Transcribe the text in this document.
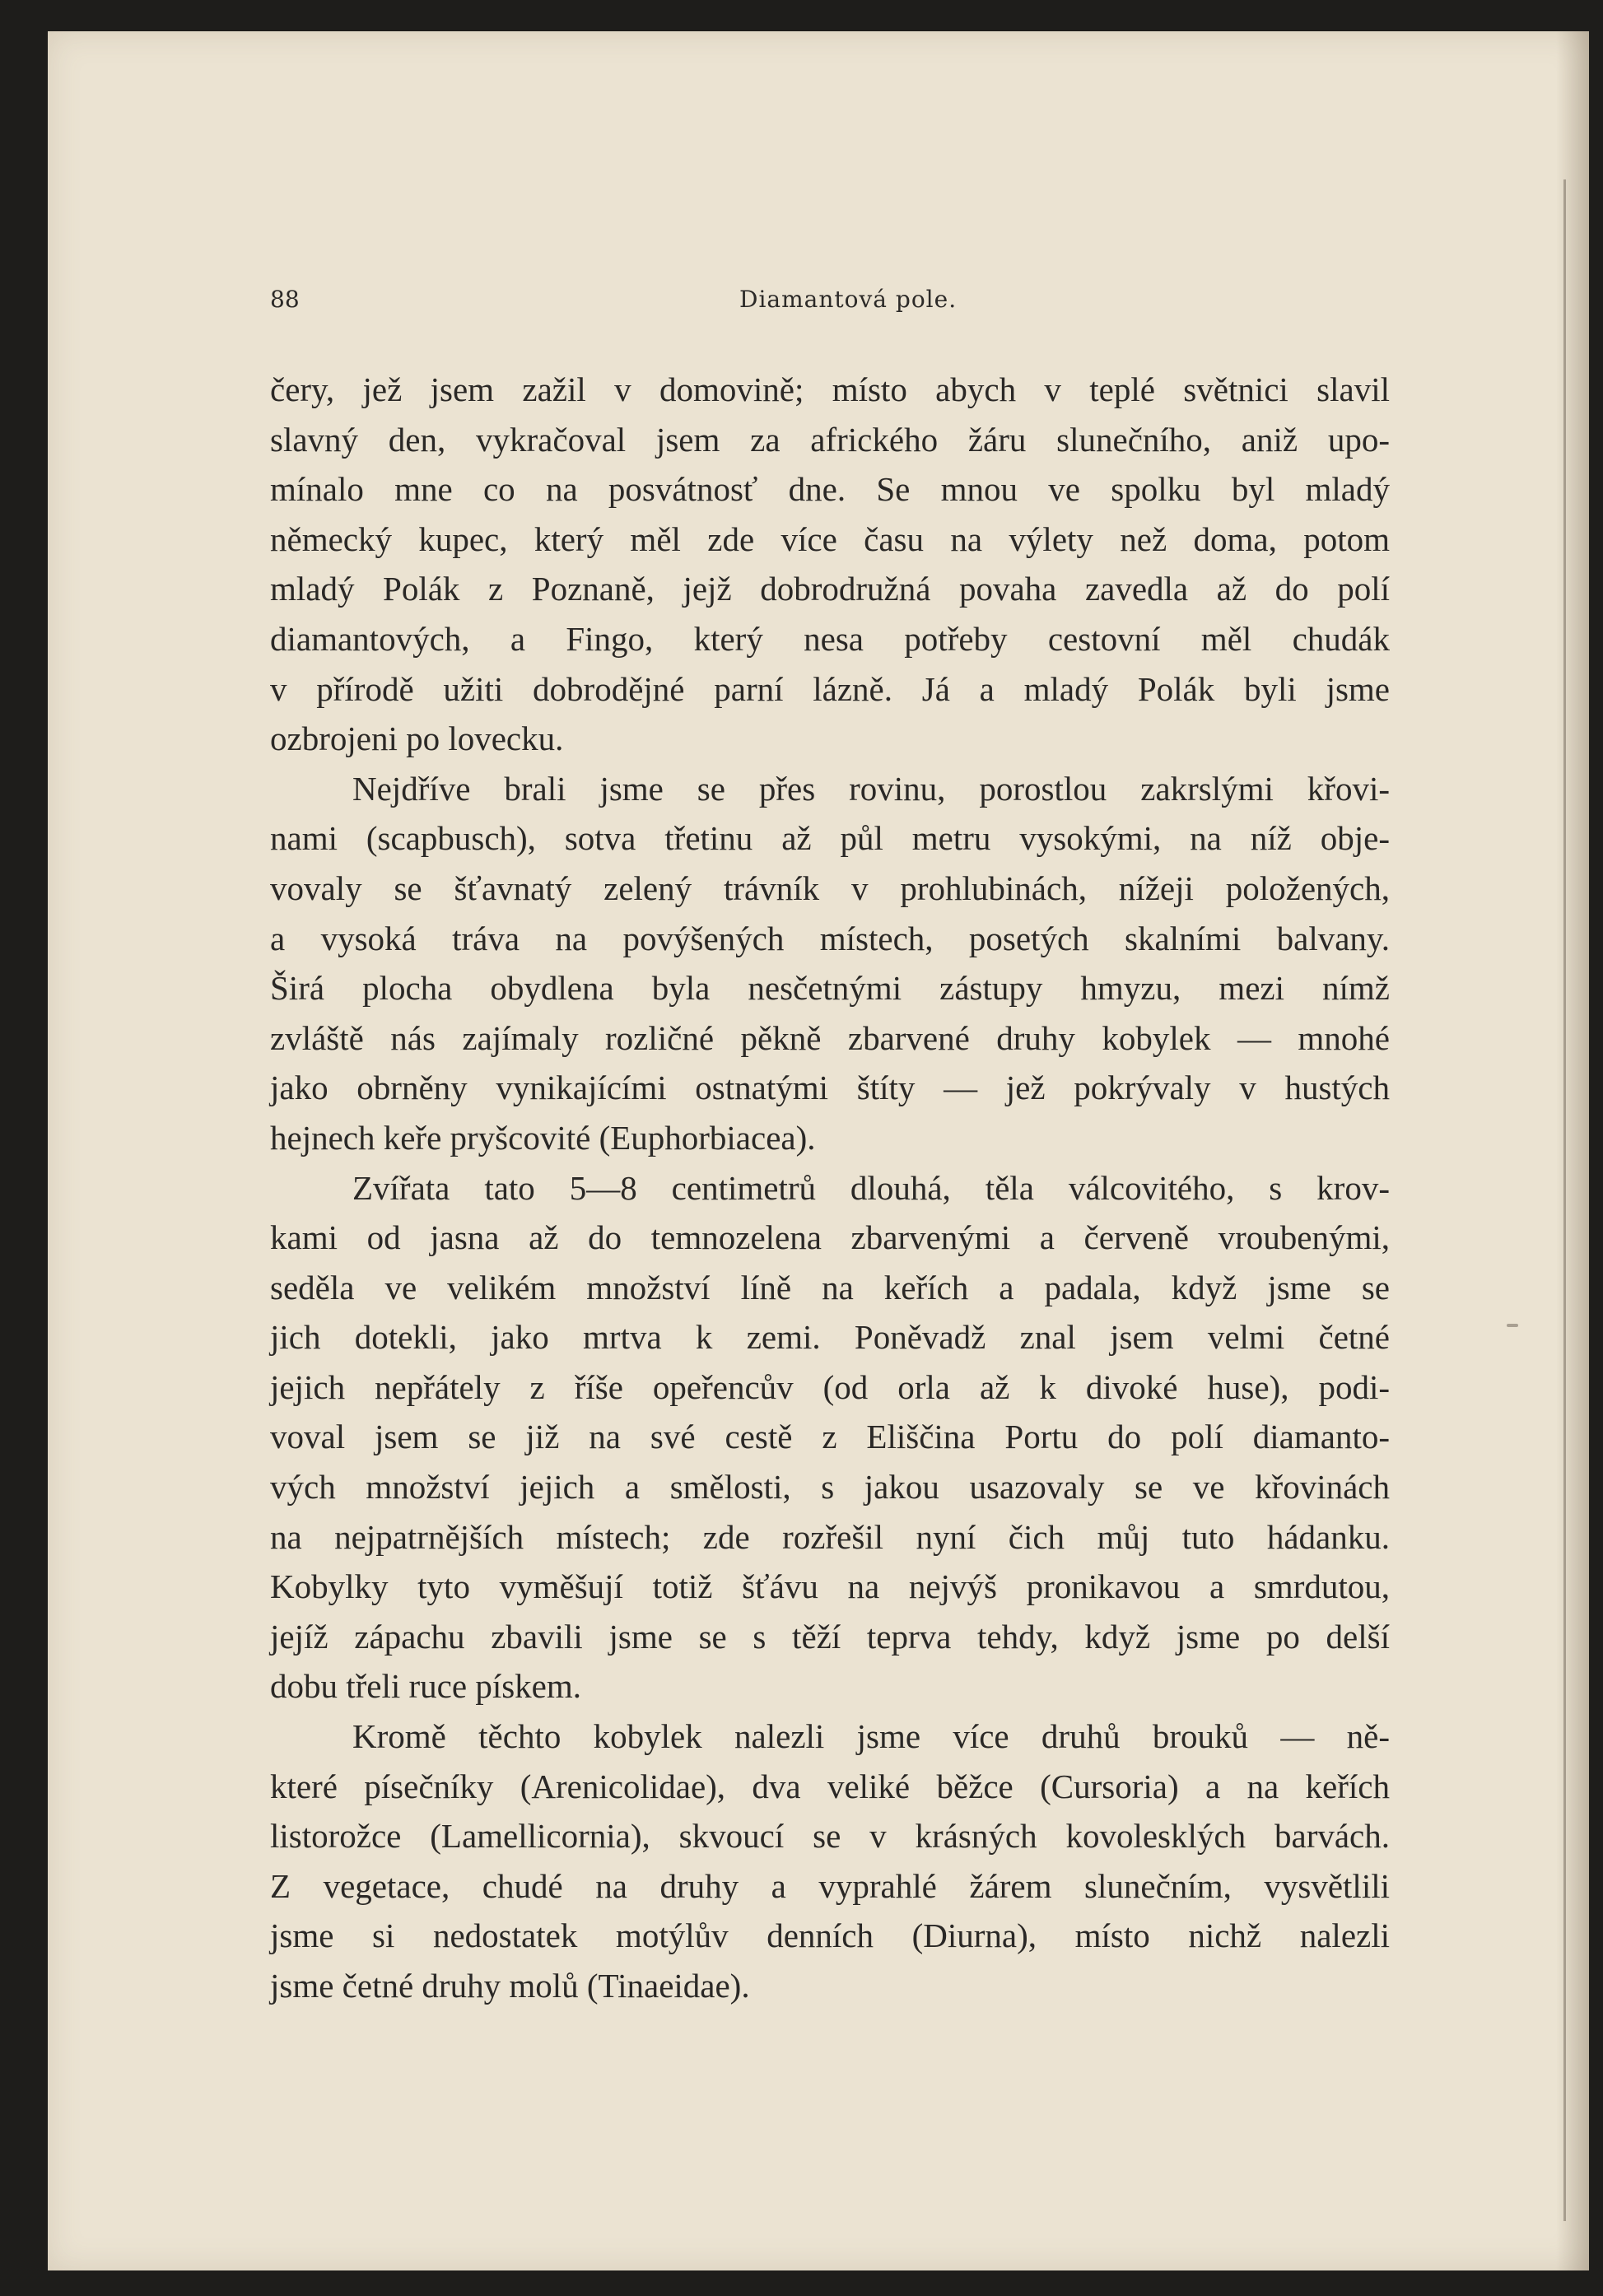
88	Diamantová pole.
čery, jež jsem zažil v domovině; místo abych v teplé světnici slavil
slavný den, vykračoval jsem za afrického žáru slunečního, aniž upo-
mínalo mne co na posvátnosť dne. Se mnou ve spolku byl mladý
německý kupec, který měl zde více času na výlety než doma, potom
mladý Polák z Poznaně, jejž dobrodružná povaha zavedla až do polí
diamantových, a Fingo, který nesa potřeby cestovní měl chudák
v přírodě užiti dobrodějné parní lázně. Já a mladý Polák byli jsme
ozbrojeni po lovecku.
Nejdříve brali jsme se přes rovinu, porostlou zakrslými křovi-
nami (scapbusch), sotva třetinu až půl metru vysokými, na níž obje-
vovaly se šťavnatý zelený trávník v prohlubinách, nížeji položených,
a vysoká tráva na povýšených místech, posetých skalními balvany.
Širá plocha obydlena byla nesčetnými zástupy hmyzu, mezi nímž
zvláště nás zajímaly rozličné pěkně zbarvené druhy kobylek — mnohé
jako obrněny vynikajícími ostnatými štíty — jež pokrývaly v hustých
hejnech keře pryšcovité (Euphorbiacea).
Zvířata tato 5—8 centimetrů dlouhá, těla válcovitého, s krov-
kami od jasna až do temnozelena zbarvenými a červeně vroubenými,
seděla ve velikém množství líně na keřích a padala, když jsme se
jich dotekli, jako mrtva k zemi. Poněvadž znal jsem velmi četné
jejich nepřátely z říše opeřencův (od orla až k divoké huse), podi-
voval jsem se již na své cestě z Eliščina Portu do polí diamanto-
vých množství jejich a smělosti, s jakou usazovaly se ve křovinách
na nejpatrnějších místech; zde rozřešil nyní čich můj tuto hádanku.
Kobylky tyto vyměšují totiž šťávu na nejvýš pronikavou a smrdutou,
jejíž zápachu zbavili jsme se s těží teprva tehdy, když jsme po delší
dobu třeli ruce pískem.
Kromě těchto kobylek nalezli jsme více druhů brouků — ně-
které písečníky (Arenicolidae), dva veliké běžce (Cursoria) a na keřích
listorožce (Lamellicornia), skvoucí se v krásných kovolesklých barvách.
Z vegetace, chudé na druhy a vyprahlé žárem slunečním, vysvětlili
jsme si nedostatek motýlův denních (Diurna), místo nichž nalezli
jsme četné druhy molů (Tinaeidae).
